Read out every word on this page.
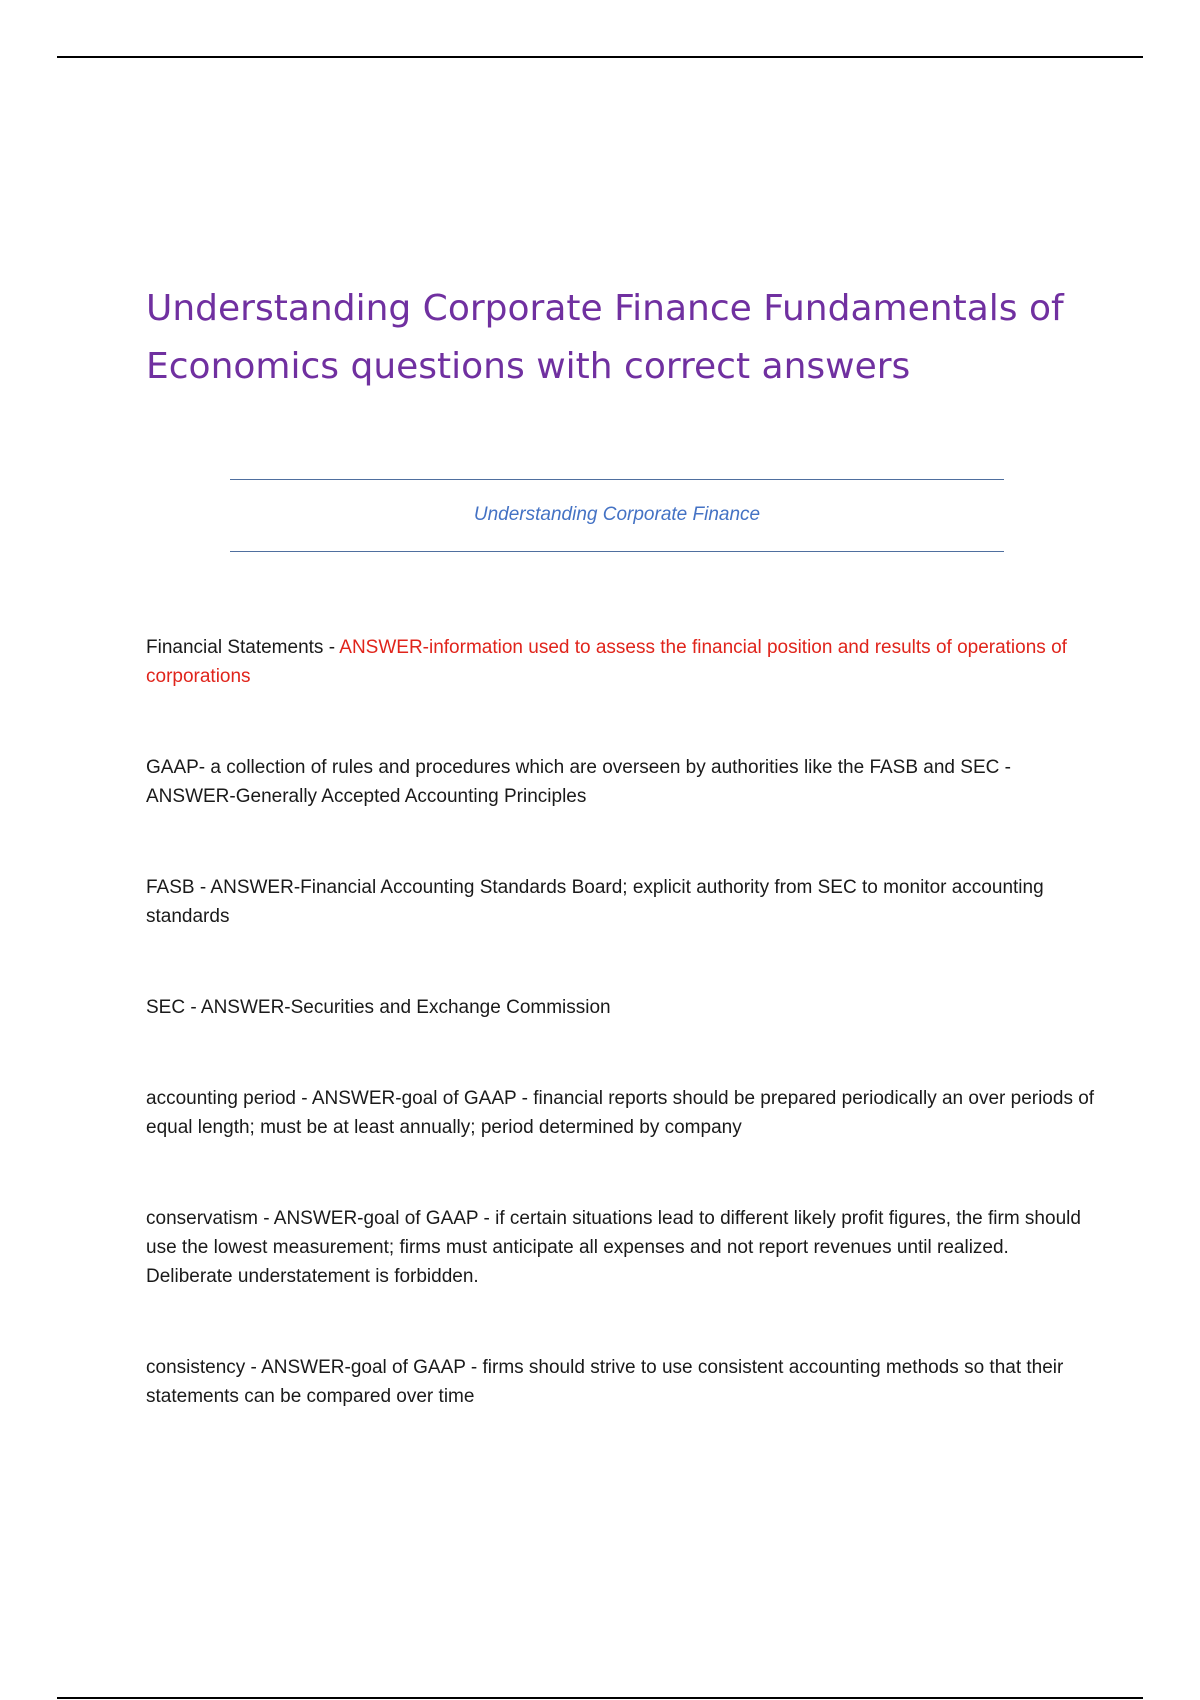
Understanding Corporate Finance Fundamentals of Economics questions with correct answers
Understanding Corporate Finance
Financial Statements - ANSWER-information used to assess the financial position and results of operations of corporations
GAAP- a collection of rules and procedures which are overseen by authorities like the FASB and SEC - ANSWER-Generally Accepted Accounting Principles
FASB - ANSWER-Financial Accounting Standards Board; explicit authority from SEC to monitor accounting standards
SEC - ANSWER-Securities and Exchange Commission
accounting period - ANSWER-goal of GAAP - financial reports should be prepared periodically an over periods of equal length; must be at least annually; period determined by company
conservatism - ANSWER-goal of GAAP - if certain situations lead to different likely profit figures, the firm should use the lowest measurement; firms must anticipate all expenses and not report revenues until realized. Deliberate understatement is forbidden.
consistency - ANSWER-goal of GAAP - firms should strive to use consistent accounting methods so that their statements can be compared over time
